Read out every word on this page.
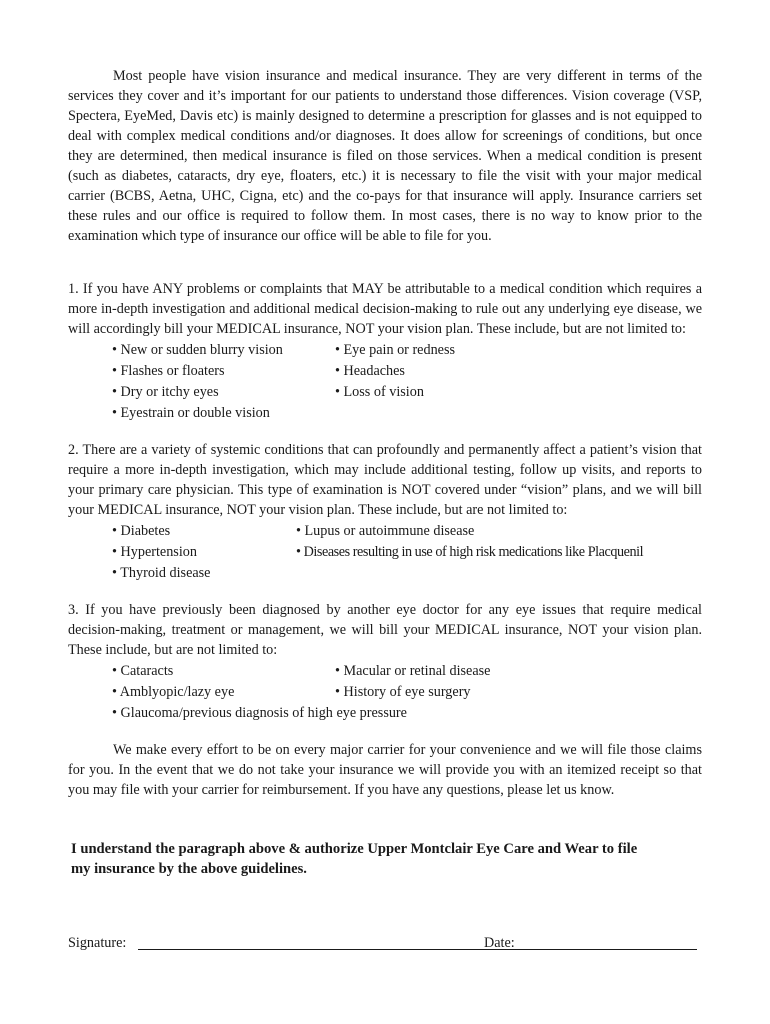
Most people have vision insurance and medical insurance. They are very different in terms of the services they cover and it’s important for our patients to understand those differences. Vision coverage (VSP, Spectera, EyeMed, Davis etc) is mainly designed to determine a prescription for glasses and is not equipped to deal with complex medical conditions and/or diagnoses. It does allow for screenings of conditions, but once they are determined, then medical insurance is filed on those services. When a medical condition is present (such as diabetes, cataracts, dry eye, floaters, etc.) it is necessary to file the visit with your major medical carrier (BCBS, Aetna, UHC, Cigna, etc) and the co-pays for that insurance will apply. Insurance carriers set these rules and our office is required to follow them. In most cases, there is no way to know prior to the examination which type of insurance our office will be able to file for you.

1. If you have ANY problems or complaints that MAY be attributable to a medical condition which requires a more in-depth investigation and additional medical decision-making to rule out any underlying eye disease, we will accordingly bill your MEDICAL insurance, NOT your vision plan. These include, but are not limited to:

• New or sudden blurry vision	• Eye pain or redness
• Flashes or floaters	• Headaches
• Dry or itchy eyes	• Loss of vision
• Eyestrain or double vision

2. There are a variety of systemic conditions that can profoundly and permanently affect a patient’s vision that require a more in-depth investigation, which may include additional testing, follow up visits, and reports to your primary care physician. This type of examination is NOT covered under “vision” plans, and we will bill your MEDICAL insurance, NOT your vision plan. These include, but are not limited to:

• Diabetes	• Lupus or autoimmune disease
• Hypertension	• Diseases resulting in use of high risk medications like Placquenil
• Thyroid disease

3. If you have previously been diagnosed by another eye doctor for any eye issues that require medical decision-making, treatment or management, we will bill your MEDICAL insurance, NOT your vision plan. These include, but are not limited to:

• Cataracts	• Macular or retinal disease
• Amblyopic/lazy eye	• History of eye surgery
• Glaucoma/previous diagnosis of high eye pressure

We make every effort to be on every major carrier for your convenience and we will file those claims for you. In the event that we do not take your insurance we will provide you with an itemized receipt so that you may file with your carrier for reimbursement. If you have any questions, please let us know.

I understand the paragraph above & authorize Upper Montclair Eye Care and Wear to file
my insurance by the above guidelines.
Signature:	Date:
